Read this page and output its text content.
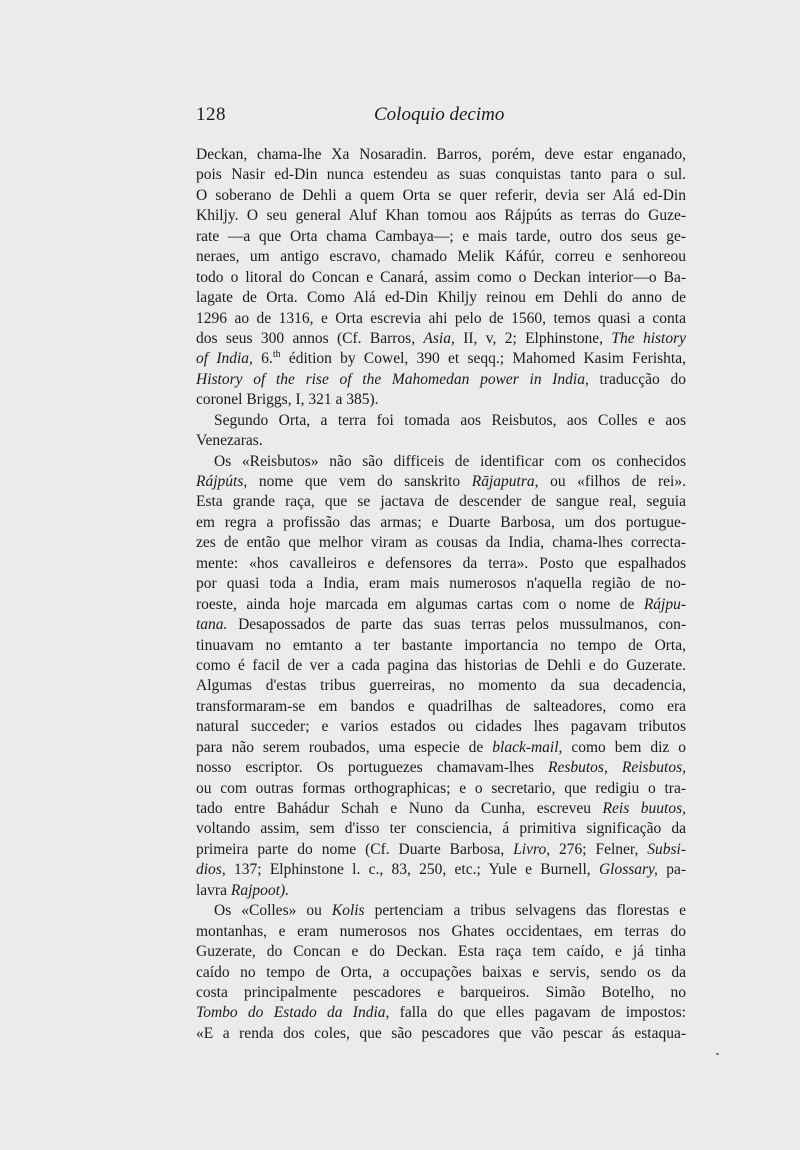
128	Coloquio decimo
Deckan, chama-lhe Xa Nosaradin. Barros, porém, deve estar enganado,
pois Nasir ed-Din nunca estendeu as suas conquistas tanto para o sul.
O soberano de Dehli a quem Orta se quer referir, devia ser Alá ed-Din
Khiljy. O seu general Aluf Khan tomou aos Rájpúts as terras do Guze-
rate —a que Orta chama Cambaya—; e mais tarde, outro dos seus ge-
neraes, um antigo escravo, chamado Melik Káfúr, correu e senhoreou
todo o litoral do Concan e Canará, assim como o Deckan interior—o Ba-
lagate de Orta. Como Alá ed-Din Khiljy reinou em Dehli do anno de
1296 ao de 1316, e Orta escrevia ahi pelo de 1560, temos quasi a conta
dos seus 300 annos (Cf. Barros, Asia, II, v, 2; Elphinstone, The history
of India, 6.$^{th}$ édition by Cowel, 390 et seqq.; Mahomed Kasim Ferishta,
History of the rise of the Mahomedan power in India, traducção do
coronel Briggs, I, 321 a 385).
Segundo Orta, a terra foi tomada aos Reisbutos, aos Colles e aos
Venezaras.
Os «Reisbutos» não são difficeis de identificar com os conhecidos
Rájpúts, nome que vem do sanskrito Rājaputra, ou «filhos de rei».
Esta grande raça, que se jactava de descender de sangue real, seguia
em regra a profissão das armas; e Duarte Barbosa, um dos portugue-
zes de então que melhor viram as cousas da India, chama-lhes correcta-
mente: «hos cavalleiros e defensores da terra». Posto que espalhados
por quasi toda a India, eram mais numerosos n'aquella região de no-
roeste, ainda hoje marcada em algumas cartas com o nome de Rájpu-
tana. Desapossados de parte das suas terras pelos mussulmanos, con-
tinuavam no emtanto a ter bastante importancia no tempo de Orta,
como é facil de ver a cada pagina das historias de Dehli e do Guzerate.
Algumas d'estas tribus guerreiras, no momento da sua decadencia,
transformaram-se em bandos e quadrilhas de salteadores, como era
natural succeder; e varios estados ou cidades lhes pagavam tributos
para não serem roubados, uma especie de black-mail, como bem diz o
nosso escriptor. Os portuguezes chamavam-lhes Resbutos, Reisbutos,
ou com outras formas orthographicas; e o secretario, que redigiu o tra-
tado entre Bahádur Schah e Nuno da Cunha, escreveu Reis buutos,
voltando assim, sem d'isso ter consciencia, á primitiva significação da
primeira parte do nome (Cf. Duarte Barbosa, Livro, 276; Felner, Subsi-
dios, 137; Elphinstone l. c., 83, 250, etc.; Yule e Burnell, Glossary, pa-
lavra Rajpoot).
Os «Colles» ou Kolis pertenciam a tribus selvagens das florestas e
montanhas, e eram numerosos nos Ghates occidentaes, em terras do
Guzerate, do Concan e do Deckan. Esta raça tem caído, e já tinha
caído no tempo de Orta, a occupações baixas e servis, sendo os da
costa principalmente pescadores e barqueiros. Simão Botelho, no
Tombo do Estado da India, falla do que elles pagavam de impostos:
«E a renda dos coles, que são pescadores que vão pescar ás estaqua-
